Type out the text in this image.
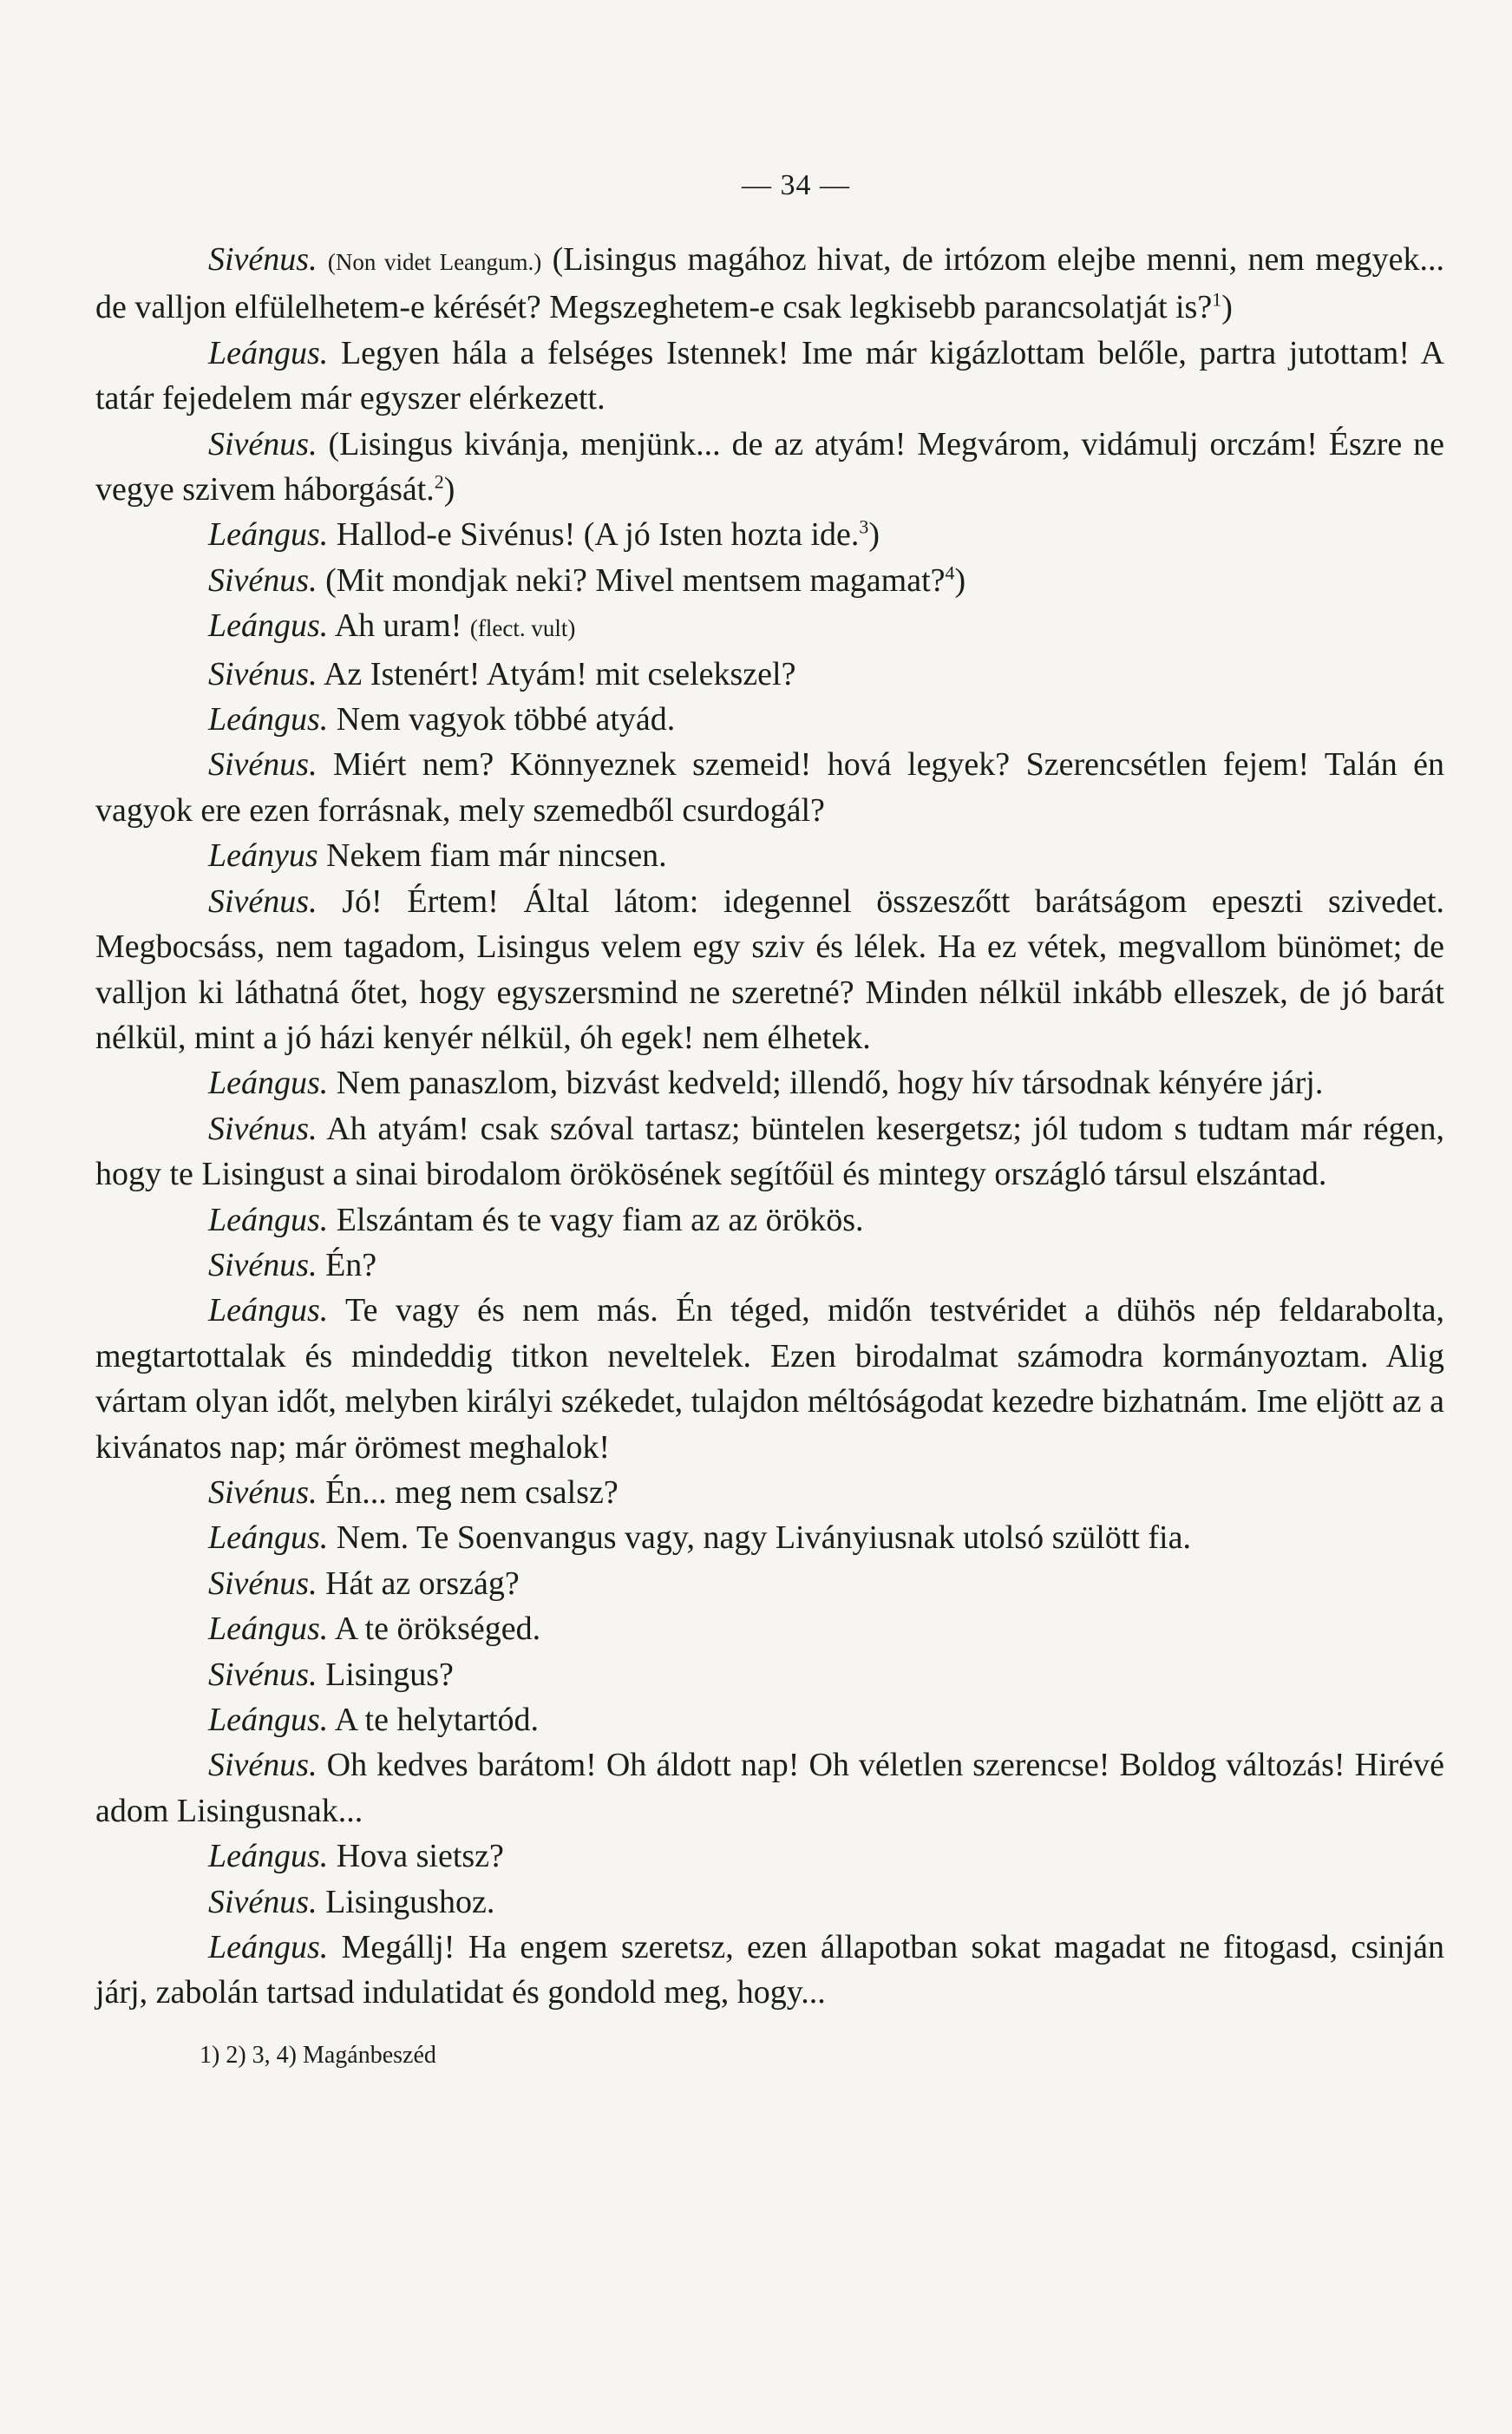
— 34 —

Sivénus. (Non videt Leangum.) (Lisingus magához hivat, de irtózom elejbe menni, nem megyek... de valljon elfülelhetem-e kérését? Megszeghetem-e csak legkisebb parancsolatját is?$^1$)

Leángus. Legyen hála a felséges Istennek! Ime már kigázlottam belőle, partra jutottam! A tatár fejedelem már egyszer elérkezett.

Sivénus. (Lisingus kivánja, menjünk... de az atyám! Megvárom, vidámulj orczám! Észre ne vegye szivem háborgását.$^2$)

Leángus. Hallod-e Sivénus! (A jó Isten hozta ide.$^3$)

Sivénus. (Mit mondjak neki? Mivel mentsem magamat?$^4$)

Leángus. Ah uram! (flect. vult)

Sivénus. Az Istenért! Atyám! mit cselekszel?

Leángus. Nem vagyok többé atyád.

Sivénus. Miért nem? Könnyeznek szemeid! hová legyek? Szerencsétlen fejem! Talán én vagyok ere ezen forrásnak, mely szemedből csurdogál?

Leányus Nekem fiam már nincsen.

Sivénus. Jó! Értem! Által látom: idegennel összeszőtt barátságom epeszti szivedet. Megbocsáss, nem tagadom, Lisingus velem egy sziv és lélek. Ha ez vétek, megvallom bünömet; de valljon ki láthatná őtet, hogy egyszersmind ne szeretné? Minden nélkül inkább elleszek, de jó barát nélkül, mint a jó házi kenyér nélkül, óh egek! nem élhetek.

Leángus. Nem panaszlom, bizvást kedveld; illendő, hogy hív társodnak kényére járj.

Sivénus. Ah atyám! csak szóval tartasz; büntelen kesergetsz; jól tudom s tudtam már régen, hogy te Lisingust a sinai birodalom örökösének segítőül és mintegy országló társul elszántad.

Leángus. Elszántam és te vagy fiam az az örökös.

Sivénus. Én?

Leángus. Te vagy és nem más. Én téged, midőn testvéridet a dühös nép feldarabolta, megtartottalak és mindeddig titkon neveltelek. Ezen birodalmat számodra kormányoztam. Alig vártam olyan időt, melyben királyi székedet, tulajdon méltóságodat kezedre bizhatnám. Ime eljött az a kivánatos nap; már örömest meghalok!

Sivénus. Én... meg nem csalsz?

Leángus. Nem. Te Soenvangus vagy, nagy Liványiusnak utolsó szülött fia.

Sivénus. Hát az ország?

Leángus. A te örökséged.

Sivénus. Lisingus?

Leángus. A te helytartód.

Sivénus. Oh kedves barátom! Oh áldott nap! Oh véletlen szerencse! Boldog változás! Hirévé adom Lisingusnak...

Leángus. Hova sietsz?

Sivénus. Lisingushoz.

Leángus. Megállj! Ha engem szeretsz, ezen állapotban sokat magadat ne fitogasd, csinján járj, zabolán tartsad indulatidat és gondold meg, hogy...

1) 2) 3, 4) Magánbeszéd
